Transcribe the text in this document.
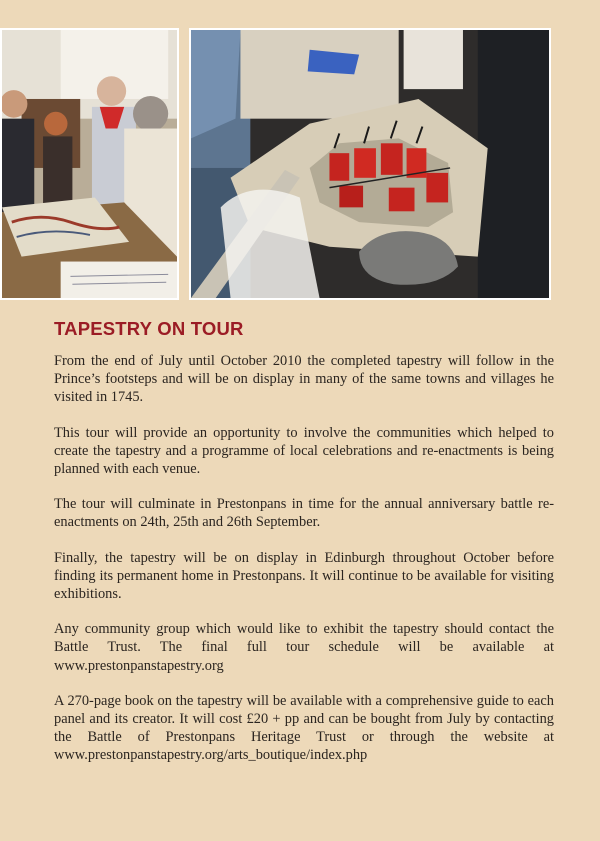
TAPESTRY ON TOUR

From the end of July until October 2010 the completed tapestry will follow in the Prince’s footsteps and will be on display in many of the same towns and villages he visited in 1745.

This tour will provide an opportunity to involve the communities which helped to create the tapestry and a programme of local celebrations and re-enactments is being planned with each venue.

The tour will culminate in Prestonpans in time for the annual anniversary battle re-enactments on 24th, 25th and 26th September.

Finally, the tapestry will be on display in Edinburgh throughout October before finding its permanent home in Prestonpans. It will continue to be available for visiting exhibitions.

Any community group which would like to exhibit the tapestry should contact the Battle Trust. The final full tour schedule will be available at www.prestonpanstapestry.org

A 270-page book on the tapestry will be available with a comprehensive guide to each panel and its creator. It will cost £20 + pp and can be bought from July by contacting the Battle of Prestonpans Heritage Trust or through the website at www.prestonpanstapestry.org/arts_boutique/index.php
